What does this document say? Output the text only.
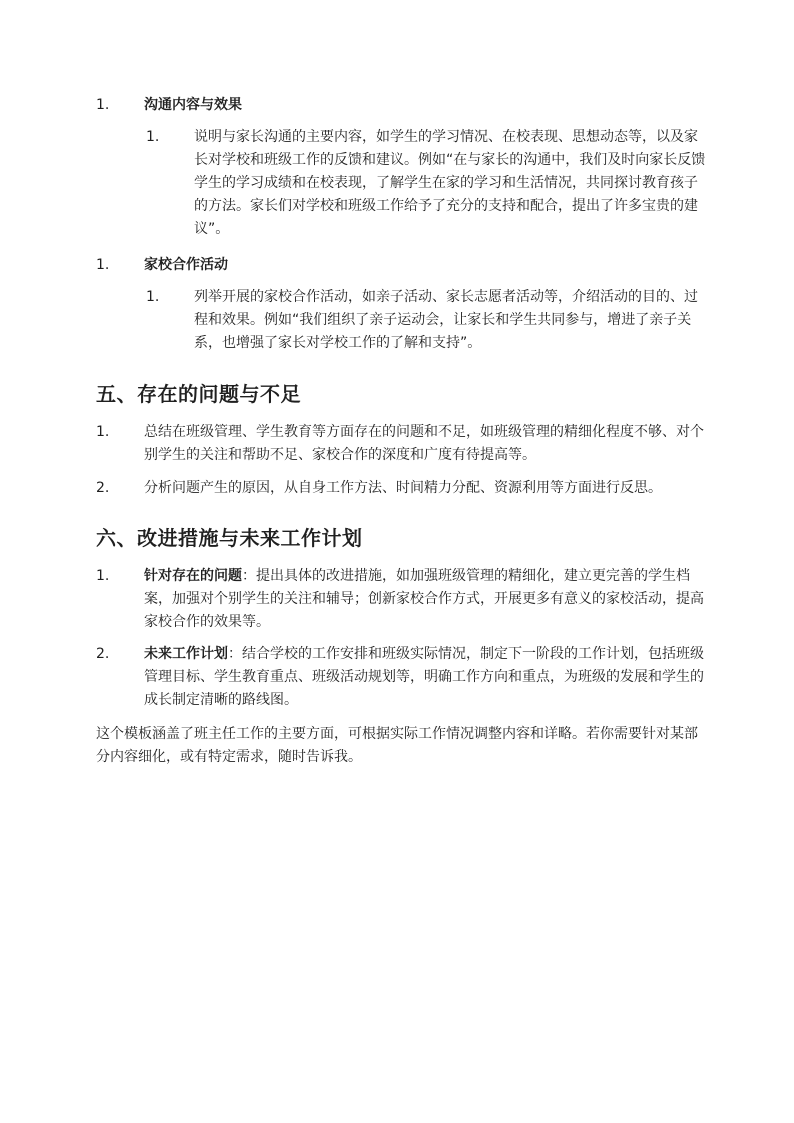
1. 沟通内容与效果
1. 说明与家长沟通的主要内容，如学生的学习情况、在校表现、思想动态等，以及家长对学校和班级工作的反馈和建议。例如“在与家长的沟通中，我们及时向家长反馈学生的学习成绩和在校表现，了解学生在家的学习和生活情况，共同探讨教育孩子的方法。家长们对学校和班级工作给予了充分的支持和配合，提出了许多宝贵的建议”。
1. 家校合作活动
1. 列举开展的家校合作活动，如亲子活动、家长志愿者活动等，介绍活动的目的、过程和效果。例如“我们组织了亲子运动会，让家长和学生共同参与，增进了亲子关系，也增强了家长对学校工作的了解和支持”。
五、存在的问题与不足
1. 总结在班级管理、学生教育等方面存在的问题和不足，如班级管理的精细化程度不够、对个别学生的关注和帮助不足、家校合作的深度和广度有待提高等。
2. 分析问题产生的原因，从自身工作方法、时间精力分配、资源利用等方面进行反思。
六、改进措施与未来工作计划
1. 针对存在的问题：提出具体的改进措施，如加强班级管理的精细化，建立更完善的学生档案，加强对个别学生的关注和辅导；创新家校合作方式，开展更多有意义的家校活动，提高家校合作的效果等。
2. 未来工作计划：结合学校的工作安排和班级实际情况，制定下一阶段的工作计划，包括班级管理目标、学生教育重点、班级活动规划等，明确工作方向和重点，为班级的发展和学生的成长制定清晰的路线图。
这个模板涵盖了班主任工作的主要方面，可根据实际工作情况调整内容和详略。若你需要针对某部分内容细化，或有特定需求，随时告诉我。
